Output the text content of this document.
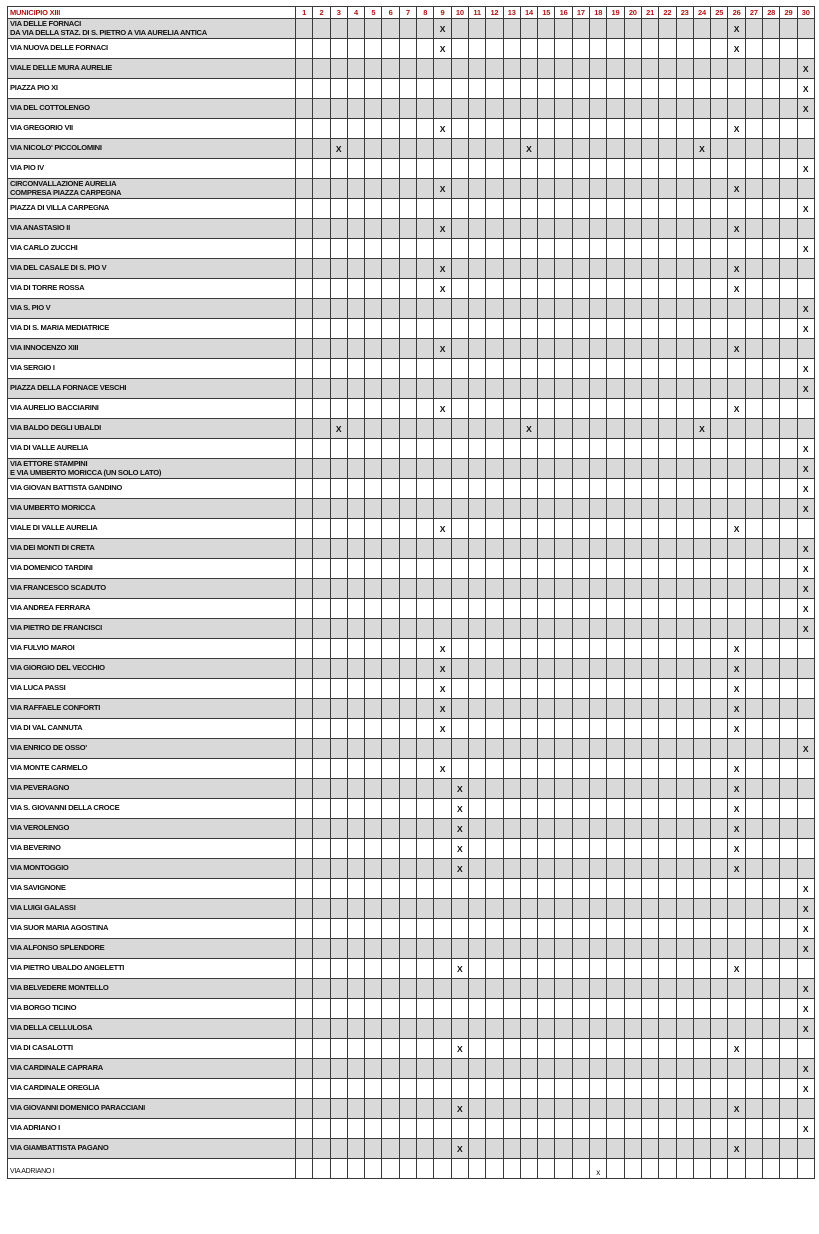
MUNICIPIO XIII	1	2	3	4	5	6	7	8	9	10	11	12	13	14	15	16	17	18	19	20	21	22	23	24	25	26	27	28	29	30

VIA DELLE FORNACI
DA VIA DELLA STAZ. DI S. PIETRO A VIA AURELIA ANTICA									X																	X				

VIA NUOVA DELLE FORNACI									X																	X				

VIALE DELLE MURA AURELIE																														X

PIAZZA PIO XI																														X

VIA DEL COTTOLENGO																														X

VIA GREGORIO VII									X																	X				

VIA NICOLO' PICCOLOMINI			X											X										X						

VIA PIO IV																														X

CIRCONVALLAZIONE AURELIA
COMPRESA PIAZZA CARPEGNA									X																	X				

PIAZZA DI VILLA CARPEGNA																														X

VIA ANASTASIO II									X																	X				

VIA CARLO ZUCCHI																														X

VIA DEL CASALE DI S. PIO V									X																	X				

VIA DI TORRE ROSSA									X																	X				

VIA S. PIO V																														X

VIA DI S. MARIA MEDIATRICE																														X

VIA INNOCENZO XIII									X																	X				

VIA SERGIO I																														X

PIAZZA DELLA FORNACE VESCHI																														X

VIA AURELIO BACCIARINI									X																	X				

VIA BALDO DEGLI UBALDI			X											X										X						

VIA DI VALLE AURELIA																														X

VIA ETTORE STAMPINI
E VIA UMBERTO MORICCA (UN SOLO LATO)																														X

VIA GIOVAN BATTISTA GANDINO																														X

VIA UMBERTO MORICCA																														X

VIALE DI VALLE AURELIA									X																	X				

VIA DEI MONTI DI CRETA																														X

VIA DOMENICO TARDINI																														X

VIA FRANCESCO SCADUTO																														X

VIA ANDREA FERRARA																														X

VIA PIETRO DE FRANCISCI																														X

VIA FULVIO MAROI									X																	X				

VIA GIORGIO DEL VECCHIO									X																	X				

VIA LUCA PASSI									X																	X				

VIA RAFFAELE CONFORTI									X																	X				

VIA DI VAL CANNUTA									X																	X				

VIA ENRICO DE OSSO'																														X

VIA MONTE CARMELO									X																	X				

VIA PEVERAGNO										X																X				

VIA S. GIOVANNI DELLA CROCE										X																X				

VIA VEROLENGO										X																X				

VIA BEVERINO										X																X				

VIA MONTOGGIO										X																X				

VIA SAVIGNONE																														X

VIA LUIGI GALASSI																														X

VIA SUOR MARIA AGOSTINA																														X

VIA ALFONSO SPLENDORE																														X

VIA PIETRO UBALDO ANGELETTI										X																X				

VIA BELVEDERE MONTELLO																														X

VIA BORGO TICINO																														X

VIA DELLA CELLULOSA																														X

VIA DI CASALOTTI										X																X				

VIA CARDINALE CAPRARA																														X

VIA CARDINALE OREGLIA																														X

VIA GIOVANNI DOMENICO PARACCIANI										X																X				

VIA ADRIANO I																														X

VIA GIAMBATTISTA PAGANO										X																X				

VIA ADRIANO I																		x												
